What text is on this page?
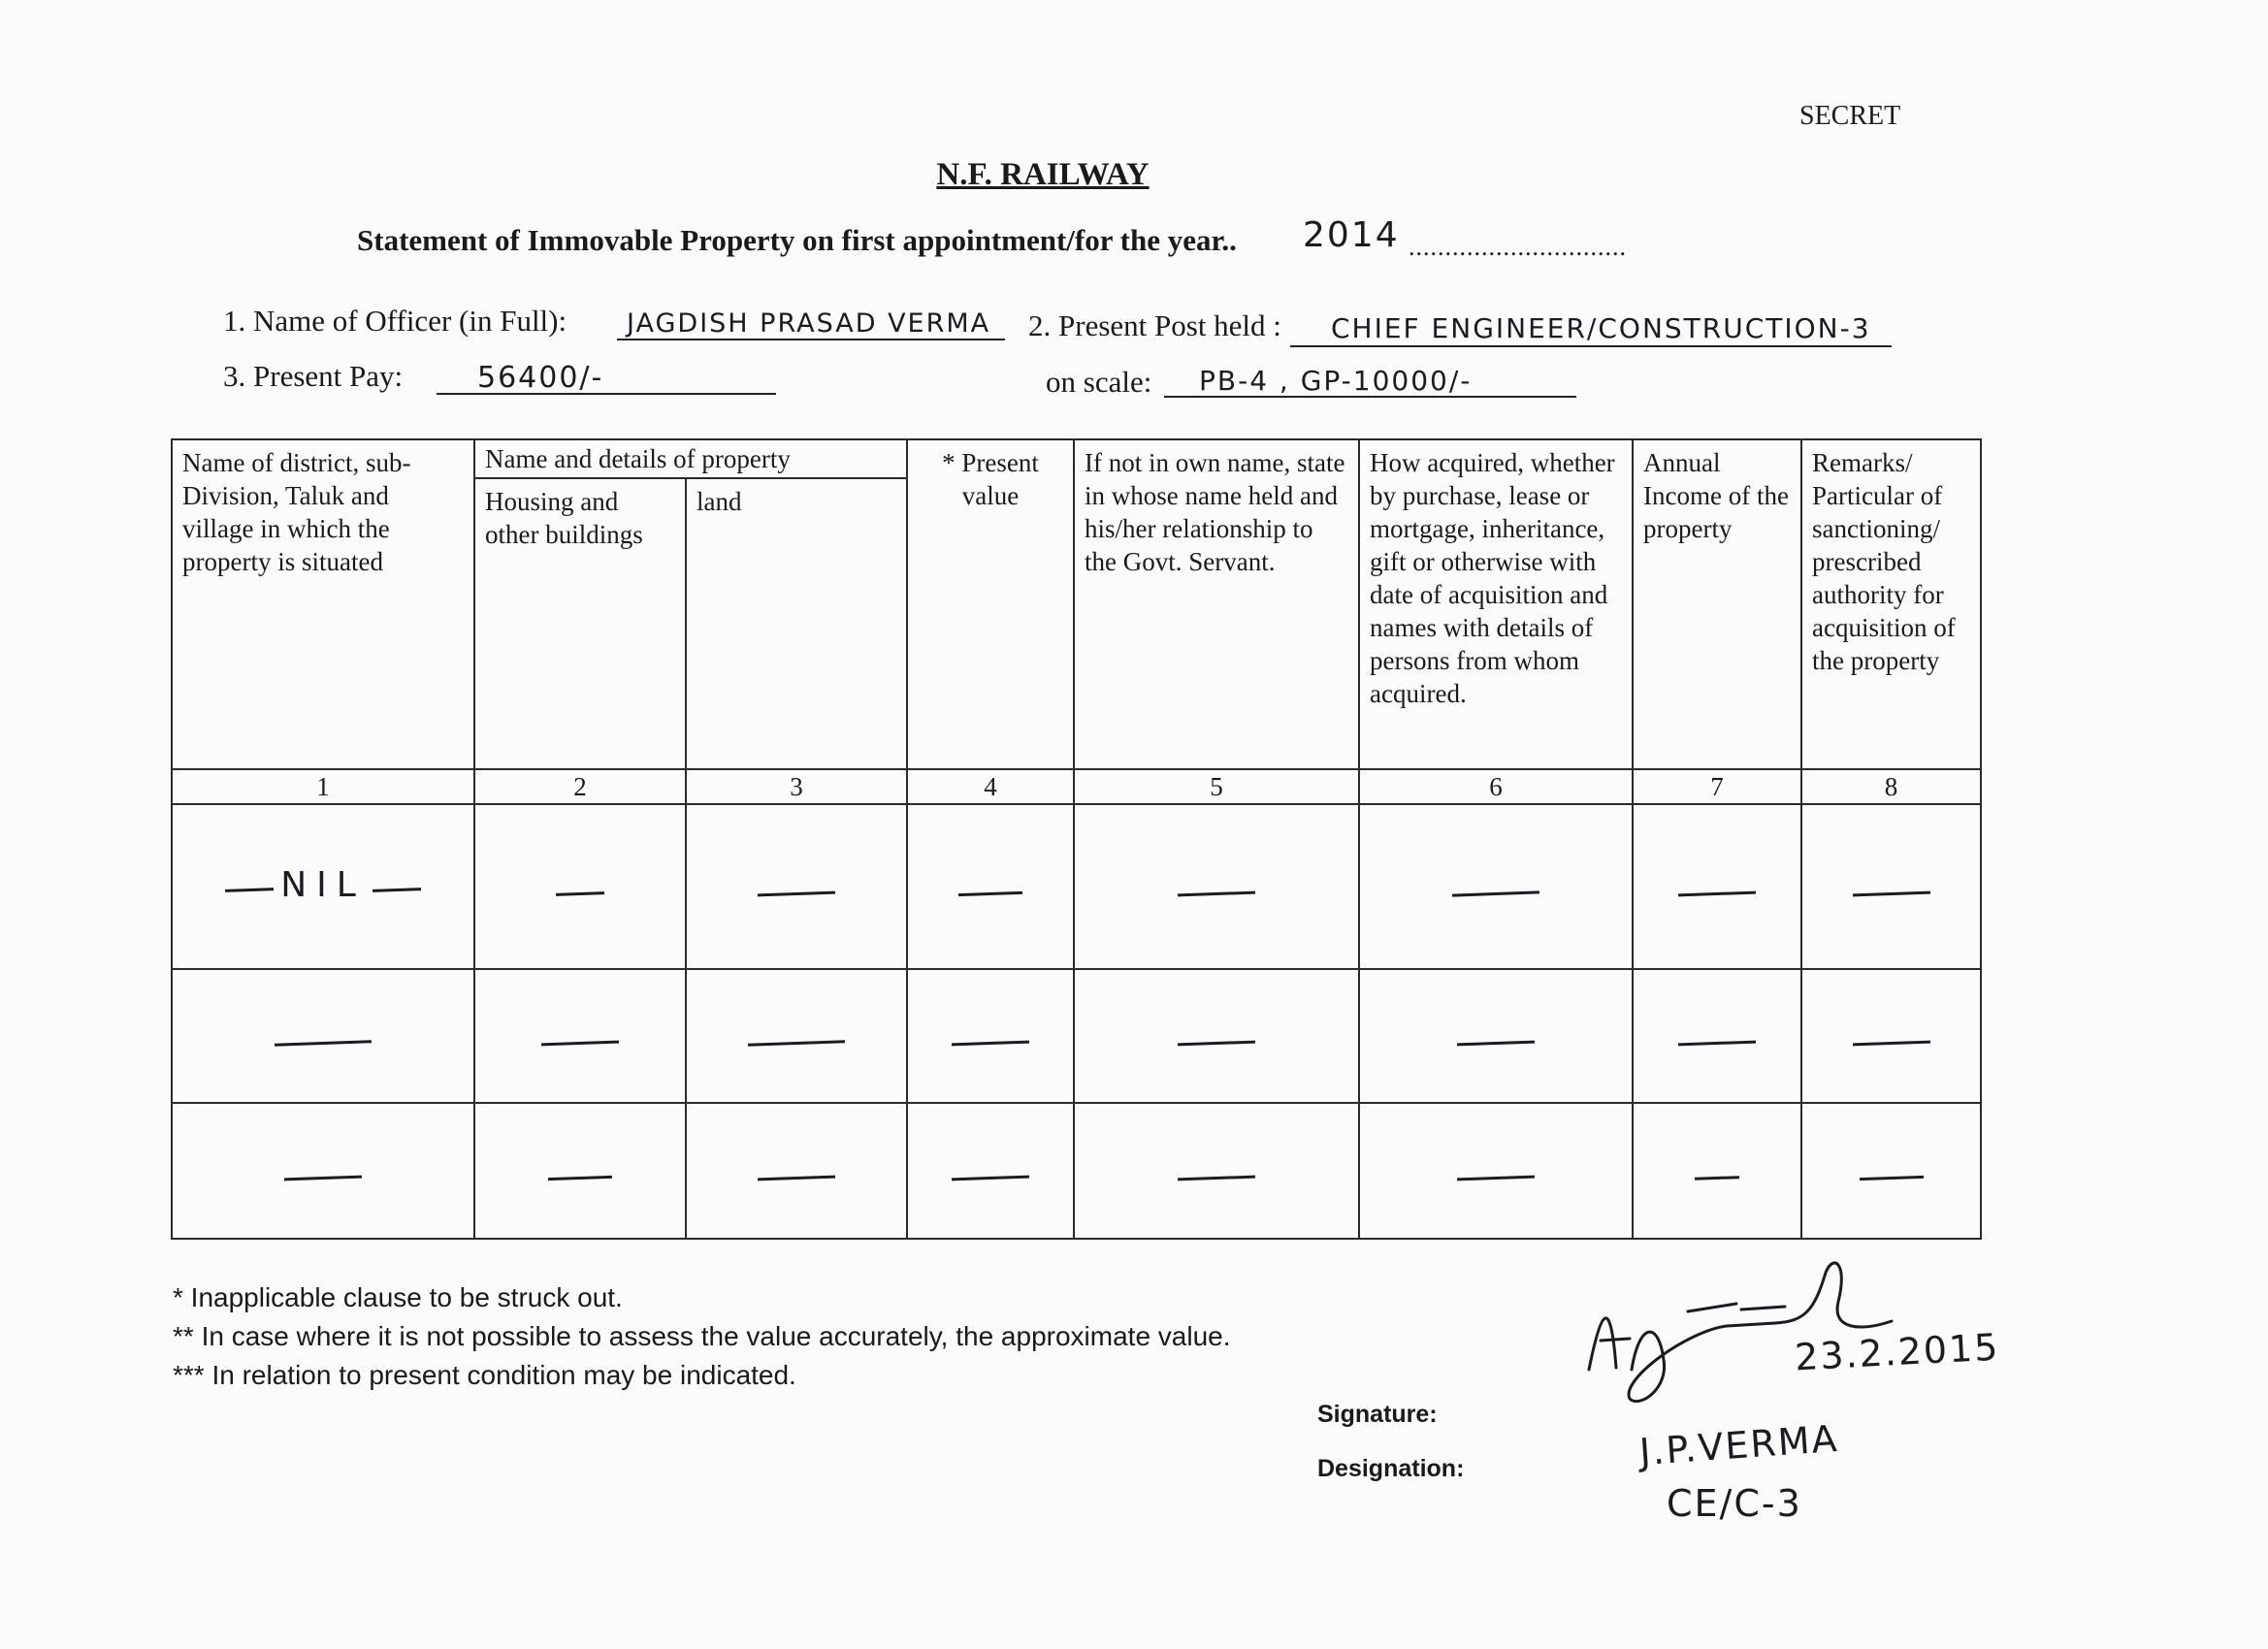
SECRET
N.F. RAILWAY
Statement of Immovable Property on first appointment/for the year.. 2014 ..............................
1. Name of Officer (in Full): JAGDISH PRASAD VERMA 2. Present Post held : CHIEF ENGINEER/CONSTRUCTION-3
3. Present Pay:	56400/-	on scale: PB-4 , GP-10000/-
Name of district, sub-Division, Taluk and village in which the property is situated	Name and details of property		* Present value	If not in own name, state in whose name held and his/her relationship to the Govt. Servant.	How acquired, whether by purchase, lease or mortgage, inheritance, gift or otherwise with date of acquisition and names with details of persons from whom acquired.	Annual Income of the property	Remarks/ Particular of sanctioning/ prescribed authority for acquisition of the property
	Housing and other buildings	land					
1	2	3	4	5	6	7	8
NIL							

* Inapplicable clause to be struck out.
** In case where it is not possible to assess the value accurately, the approximate value.
*** In relation to present condition may be indicated.	23.2.2015
Signature:
Designation:	J.P.VERMA
CE/C-3
